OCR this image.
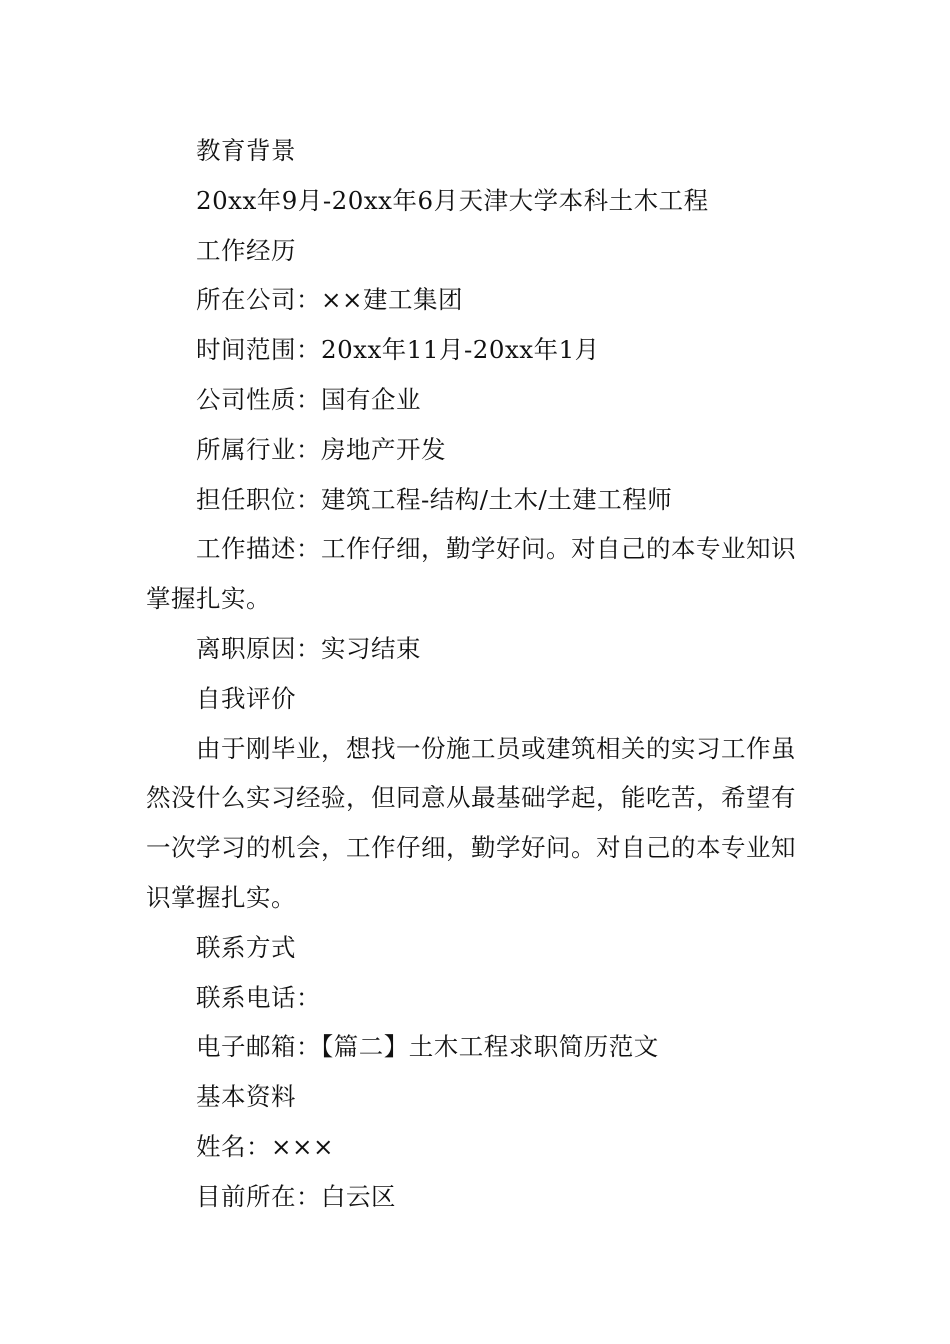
教育背景

20xx年9月-20xx年6月天津大学本科土木工程

工作经历

所在公司：××建工集团

时间范围：20xx年11月-20xx年1月

公司性质：国有企业

所属行业：房地产开发

担任职位：建筑工程-结构/土木/土建工程师

工作描述：工作仔细，勤学好问。对自己的本专业知识掌握扎实。

离职原因：实习结束

自我评价

由于刚毕业，想找一份施工员或建筑相关的实习工作虽然没什么实习经验，但同意从最基础学起，能吃苦，希望有一次学习的机会，工作仔细，勤学好问。对自己的本专业知识掌握扎实。

联系方式

联系电话：

电子邮箱：【篇二】土木工程求职简历范文

基本资料

姓名：×××

目前所在：白云区
